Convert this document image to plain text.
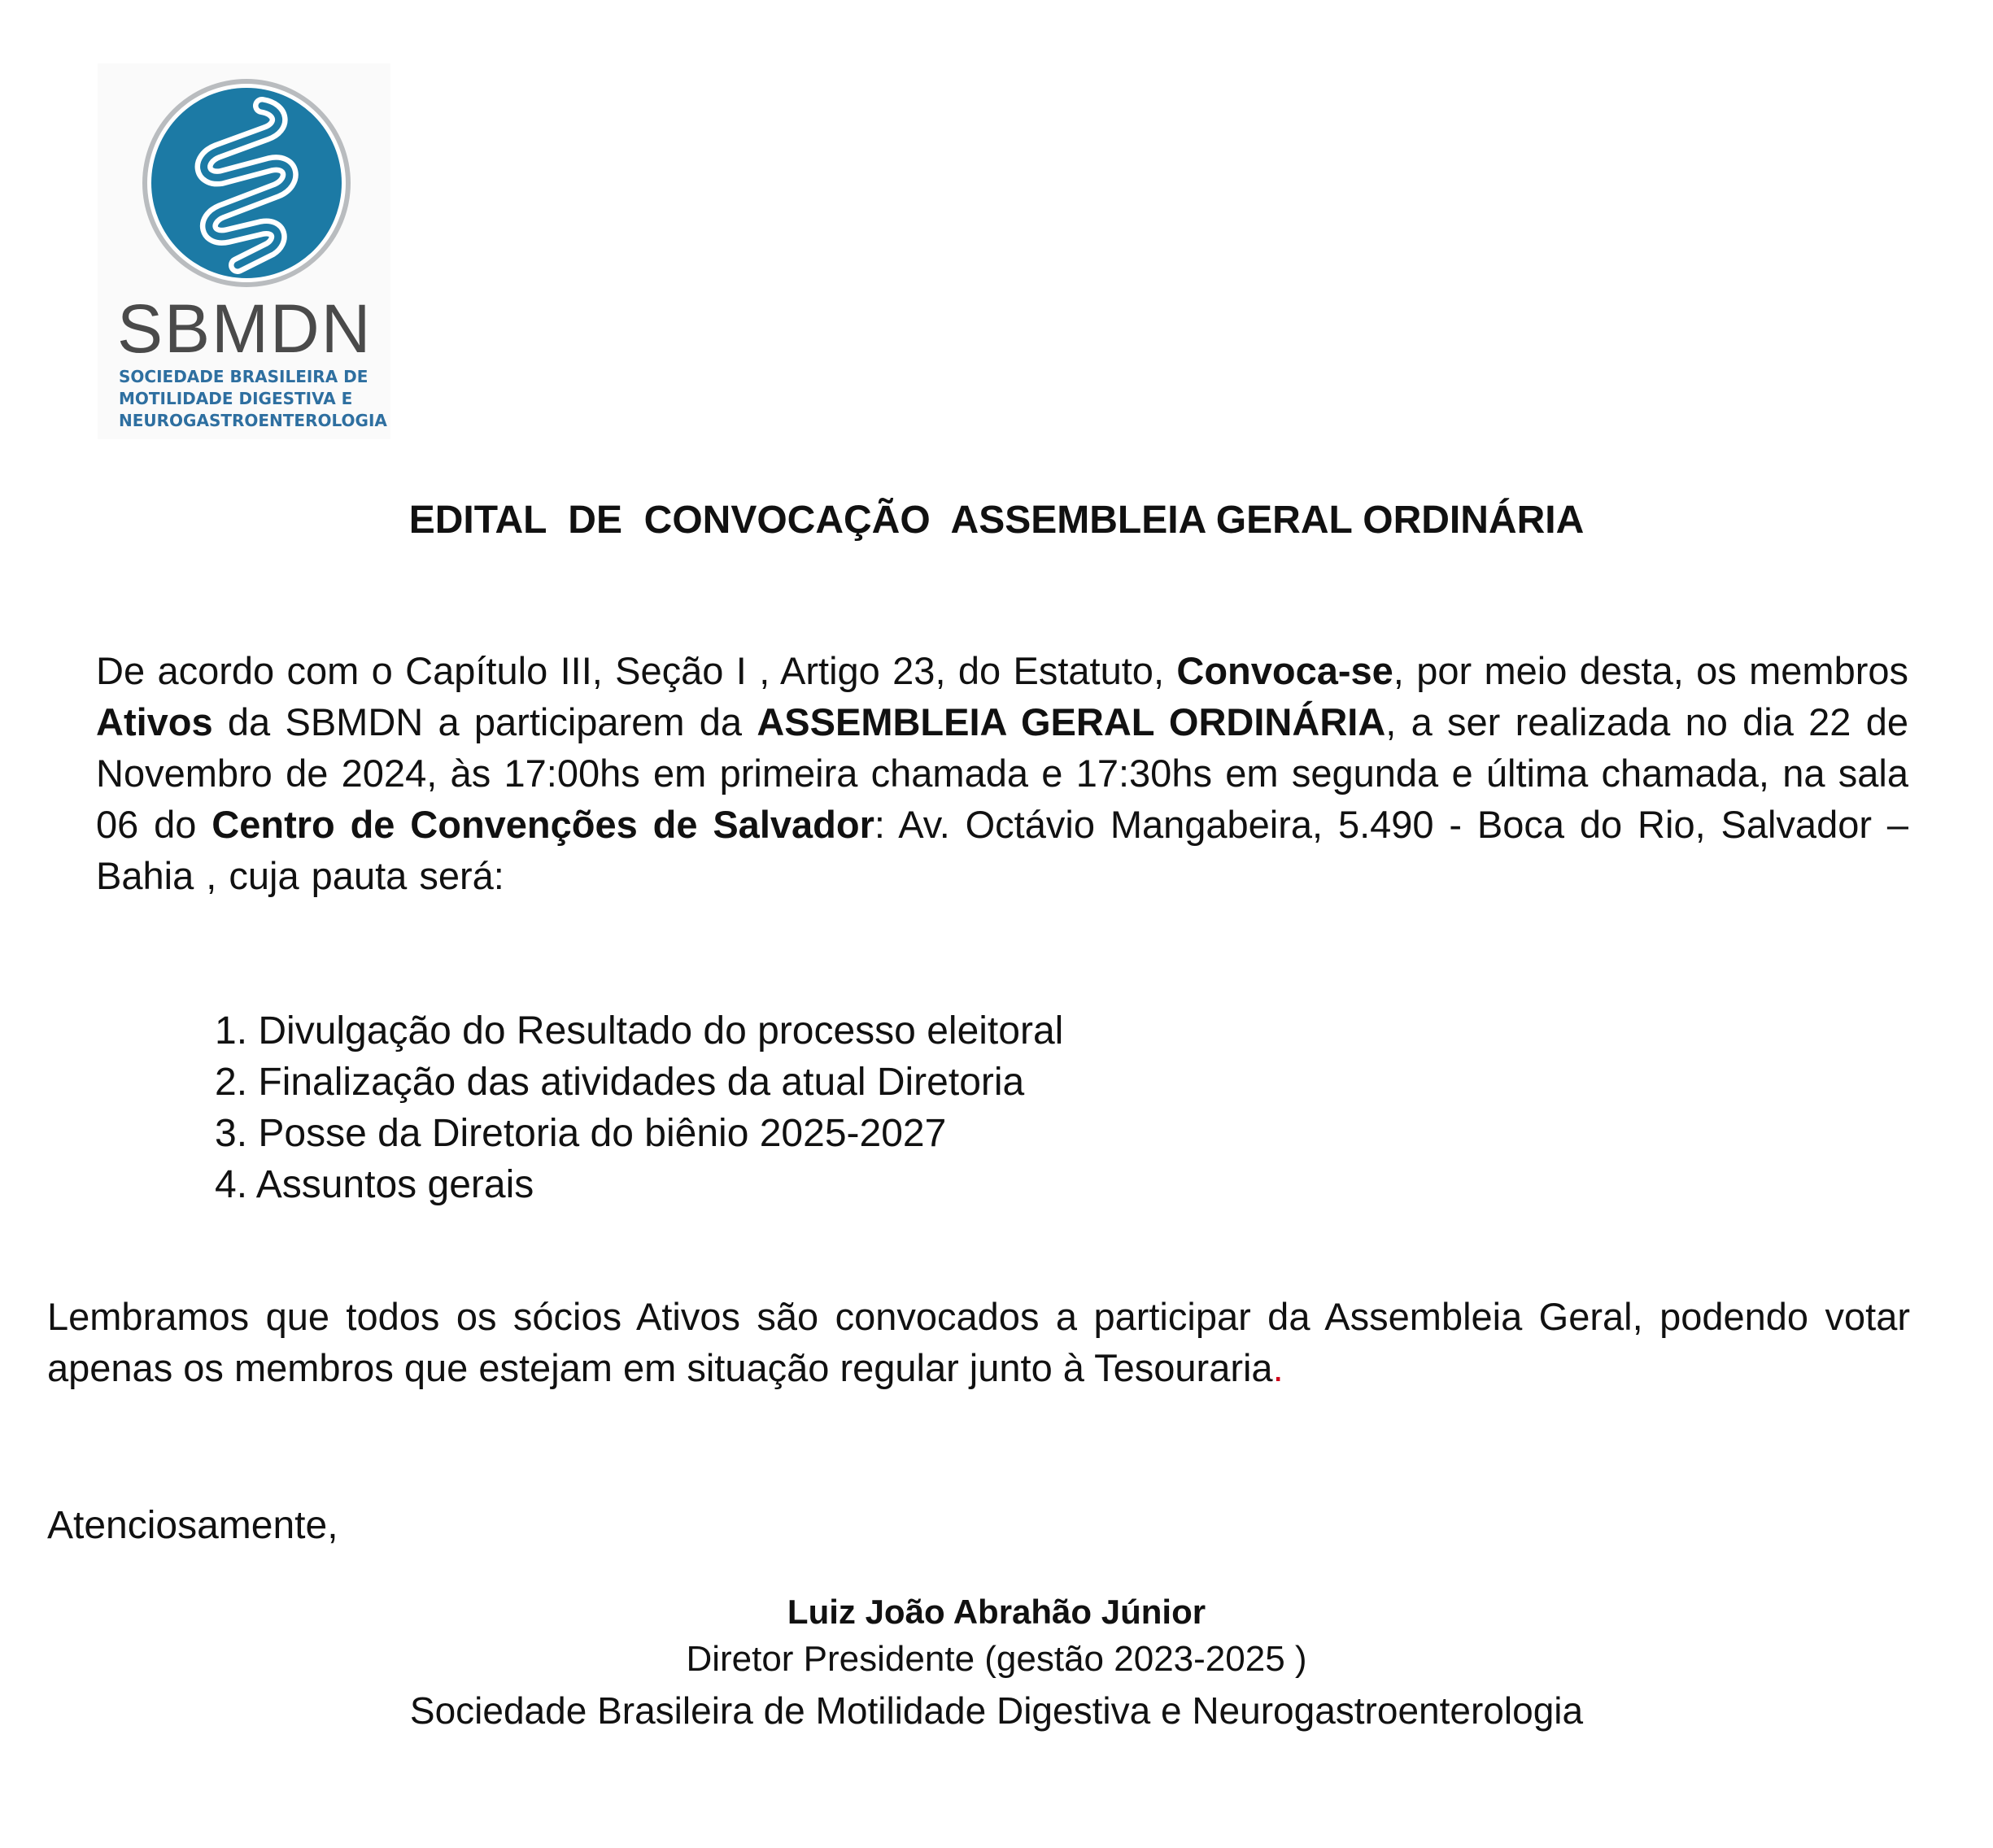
SBMDN
SOCIEDADE BRASILEIRA DE
MOTILIDADE DIGESTIVA E
NEUROGASTROENTEROLOGIA
EDITAL  DE  CONVOCAÇÃO  ASSEMBLEIA GERAL ORDINÁRIA
De acordo com o Capítulo III, Seção I , Artigo 23, do Estatuto, Convoca-se, por meio desta, os membros Ativos da SBMDN a participarem da ASSEMBLEIA GERAL ORDINÁRIA, a ser realizada no dia 22 de Novembro de 2024, às 17:00hs em primeira chamada e 17:30hs em segunda e última chamada, na sala 06 do Centro de Convenções de Salvador: Av. Octávio Mangabeira, 5.490 - Boca do Rio, Salvador – Bahia , cuja pauta será:
1. Divulgação do Resultado do processo eleitoral
2. Finalização das atividades da atual Diretoria
3. Posse da Diretoria do biênio 2025-2027
4. Assuntos gerais
Lembramos que todos os sócios Ativos são convocados a participar da Assembleia Geral, podendo votar apenas os membros que estejam em situação regular junto à Tesouraria.
Atenciosamente,
Luiz João Abrahão Júnior
Diretor Presidente (gestão 2023-2025 )
Sociedade Brasileira de Motilidade Digestiva e Neurogastroenterologia
